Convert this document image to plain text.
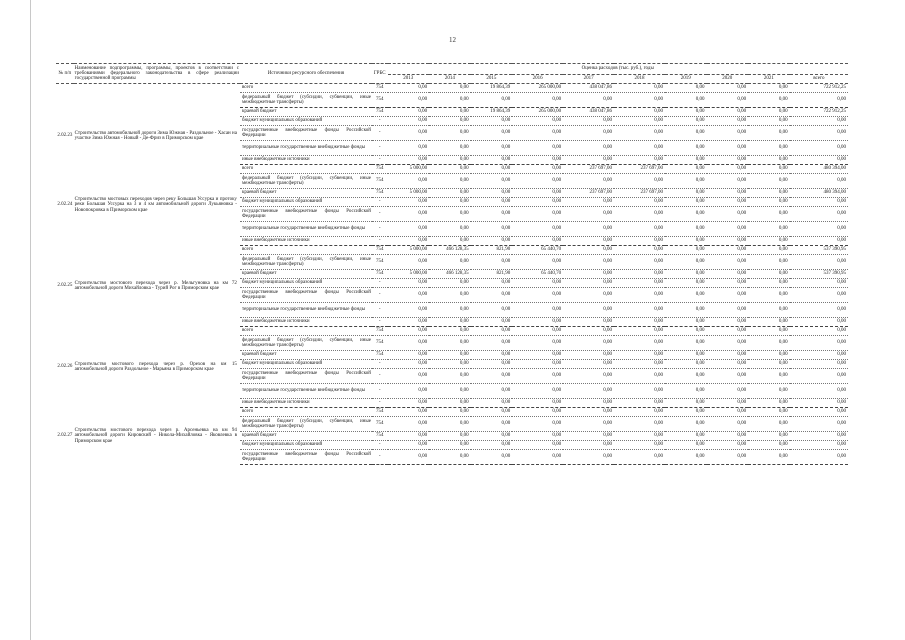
12
№ п/п	Наименование подпрограммы, программы, проектов в соответствии с требованиями федерального законодательства в сфере реализации государственной программы	Источники ресурсного обеспечения	ГРБС	Оценка расходов (тыс. руб.), годы									
				2013	2014	2015	2016	2017	2018	2019	2020	2021	всего
		всего	754	0,00	0,00	19 864,39	265 000,00	438 047,86	0,00	0,00	0,00	0,00	722 912,25
		федеральный бюджет (субсидии, субвенции, иные межбюджетные трансферты)	754	0,00	0,00	0,00	0,00	0,00	0,00	0,00	0,00	0,00	0,00
2.02.23	Строительство автомобильной дороги Зима Южная - Раздольное - Хасан на участке Зима Южная - Новый - Де-Фриз в Приморском крае	краевой бюджет	754	0,00	0,00	19 864,39	265 000,00	438 047,86	0,00	0,00	0,00	0,00	722 912,25
		бюджет муниципальных образований	-	0,00	0,00	0,00	0,00	0,00	0,00	0,00	0,00	0,00	0,00
		государственные внебюджетные фонды Российской Федерации	-	0,00	0,00	0,00	0,00	0,00	0,00	0,00	0,00	0,00	0,00
		территориальные государственные внебюджетные фонды	-	0,00	0,00	0,00	0,00	0,00	0,00	0,00	0,00	0,00	0,00
		иные внебюджетные источники	-	0,00	0,00	0,00	0,00	0,00	0,00	0,00	0,00	0,00	0,00
2.02.24	Строительство мостовых переходов через реку Большая Уссурка и протоку реки Большая Уссурка на 3 и 4 км автомобильной дороги Лукьяновка - Новопокровка в Приморском крае	всего	754	5 000,00	0,00	0,00	0,00	237 697,00	237 697,00	0,00	0,00	0,00	480 394,00
		федеральный бюджет (субсидии, субвенции, иные межбюджетные трансферты)	754	0,00	0,00	0,00	0,00	0,00	0,00	0,00	0,00	0,00	0,00
		краевой бюджет	754	5 000,00	0,00	0,00	0,00	237 697,00	237 697,00	0,00	0,00	0,00	480 394,00
		бюджет муниципальных образований	-	0,00	0,00	0,00	0,00	0,00	0,00	0,00	0,00	0,00	0,00
		государственные внебюджетные фонды Российской Федерации	-	0,00	0,00	0,00	0,00	0,00	0,00	0,00	0,00	0,00	0,00
		территориальные государственные внебюджетные фонды	-	0,00	0,00	0,00	0,00	0,00	0,00	0,00	0,00	0,00	0,00
		иные внебюджетные источники	-	0,00	0,00	0,00	0,00	0,00	0,00	0,00	0,00	0,00	0,00
2.02.25	Строительство мостового перехода через р. Мельгуновка на км 72 автомобильной дороги Михайловка - Турий Рог в Приморском крае	всего	754	5 000,00	466 128,35	821,90	65 440,70	0,00	0,00	0,00	0,00	0,00	537 390,95
		федеральный бюджет (субсидии, субвенции, иные межбюджетные трансферты)	754	0,00	0,00	0,00	0,00	0,00	0,00	0,00	0,00	0,00	0,00
		краевой бюджет	754	5 000,00	466 128,35	821,90	65 440,70	0,00	0,00	0,00	0,00	0,00	537 390,95
		бюджет муниципальных образований	-	0,00	0,00	0,00	0,00	0,00	0,00	0,00	0,00	0,00	0,00
		государственные внебюджетные фонды Российской Федерации	-	0,00	0,00	0,00	0,00	0,00	0,00	0,00	0,00	0,00	0,00
		территориальные государственные внебюджетные фонды	-	0,00	0,00	0,00	0,00	0,00	0,00	0,00	0,00	0,00	0,00
		иные внебюджетные источники	-	0,00	0,00	0,00	0,00	0,00	0,00	0,00	0,00	0,00	0,00
2.02.26	Строительство мостового перехода через р. Орехов на км 15 автомобильной дороги Раздольное - Марьяна в Приморском крае	всего	754	0,00	0,00	0,00	0,00	0,00	0,00	0,00	0,00	0,00	0,00
		федеральный бюджет (субсидии, субвенции, иные межбюджетные трансферты)	754	0,00	0,00	0,00	0,00	0,00	0,00	0,00	0,00	0,00	0,00
		краевой бюджет	754	0,00	0,00	0,00	0,00	0,00	0,00	0,00	0,00	0,00	0,00
		бюджет муниципальных образований	-	0,00	0,00	0,00	0,00	0,00	0,00	0,00	0,00	0,00	0,00
		государственные внебюджетные фонды Российской Федерации	-	0,00	0,00	0,00	0,00	0,00	0,00	0,00	0,00	0,00	0,00
		территориальные государственные внебюджетные фонды	-	0,00	0,00	0,00	0,00	0,00	0,00	0,00	0,00	0,00	0,00
		иные внебюджетные источники	-	0,00	0,00	0,00	0,00	0,00	0,00	0,00	0,00	0,00	0,00
2.02.27	Строительство мостового перехода через р. Арсеньевка на км 94 автомобильной дороги Кировский - Никола-Михайловка - Яковлевка в Приморском крае	всего	754	0,00	0,00	0,00	0,00	0,00	0,00	0,00	0,00	0,00	0,00
		федеральный бюджет (субсидии, субвенции, иные межбюджетные трансферты)	754	0,00	0,00	0,00	0,00	0,00	0,00	0,00	0,00	0,00	0,00
		краевой бюджет	754	0,00	0,00	0,00	0,00	0,00	0,00	0,00	0,00	0,00	0,00
		бюджет муниципальных образований	-	0,00	0,00	0,00	0,00	0,00	0,00	0,00	0,00	0,00	0,00
		государственные внебюджетные фонды Российской Федерации	-	0,00	0,00	0,00	0,00	0,00	0,00	0,00	0,00	0,00	0,00
